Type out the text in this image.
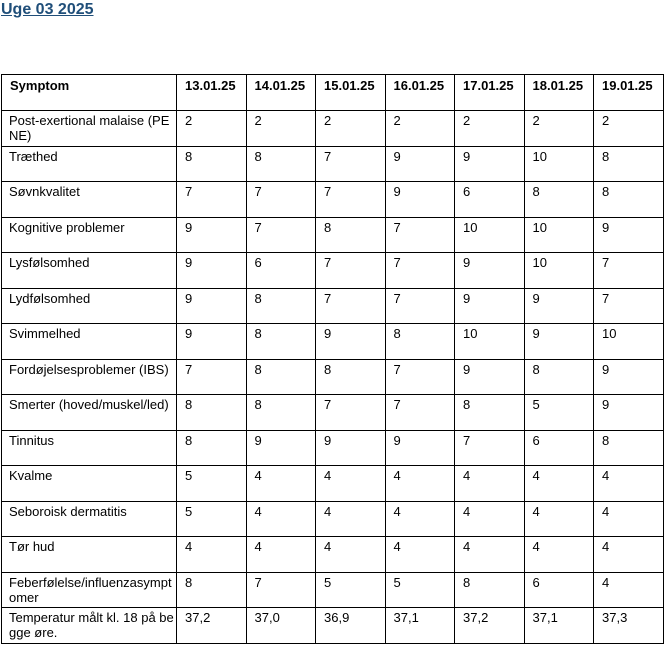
Uge 03 2025
Symptom	13.01.25	14.01.25	15.01.25	16.01.25	17.01.25	18.01.25	19.01.25
Post-exertional malaise (PENE)	2	2	2	2	2	2	2
Træthed	8	8	7	9	9	10	8
Søvnkvalitet	7	7	7	9	6	8	8
Kognitive problemer	9	7	8	7	10	10	9
Lysfølsomhed	9	6	7	7	9	10	7
Lydfølsomhed	9	8	7	7	9	9	7
Svimmelhed	9	8	9	8	10	9	10
Fordøjelsesproblemer (IBS)	7	8	8	7	9	8	9
Smerter (hoved/muskel/led)	8	8	7	7	8	5	9
Tinnitus	8	9	9	9	7	6	8
Kvalme	5	4	4	4	4	4	4
Seboroisk dermatitis	5	4	4	4	4	4	4
Tør hud	4	4	4	4	4	4	4
Feberfølelse/influenzasymptomer	8	7	5	5	8	6	4
Temperatur målt kl. 18 på begge øre.	37,2	37,0	36,9	37,1	37,2	37,1	37,3
